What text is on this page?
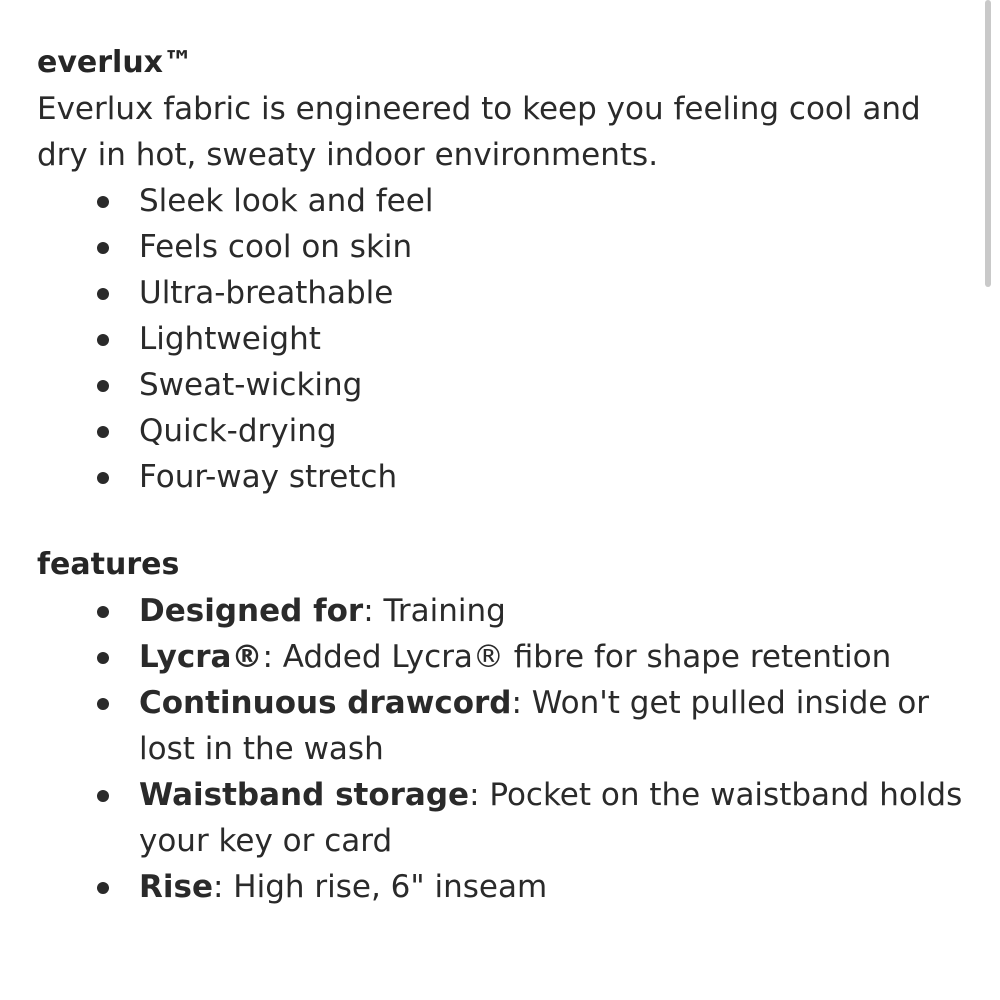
everlux™

Everlux fabric is engineered to keep you feeling cool and dry in hot, sweaty indoor environments.

Sleek look and feel
Feels cool on skin
Ultra-breathable
Lightweight
Sweat-wicking
Quick-drying
Four-way stretch
features
Designed for: Training
Lycra®: Added Lycra® fibre for shape retention
Continuous drawcord: Won't get pulled inside or lost in the wash
Waistband storage: Pocket on the waistband holds your key or card
Rise: High rise, 6" inseam
